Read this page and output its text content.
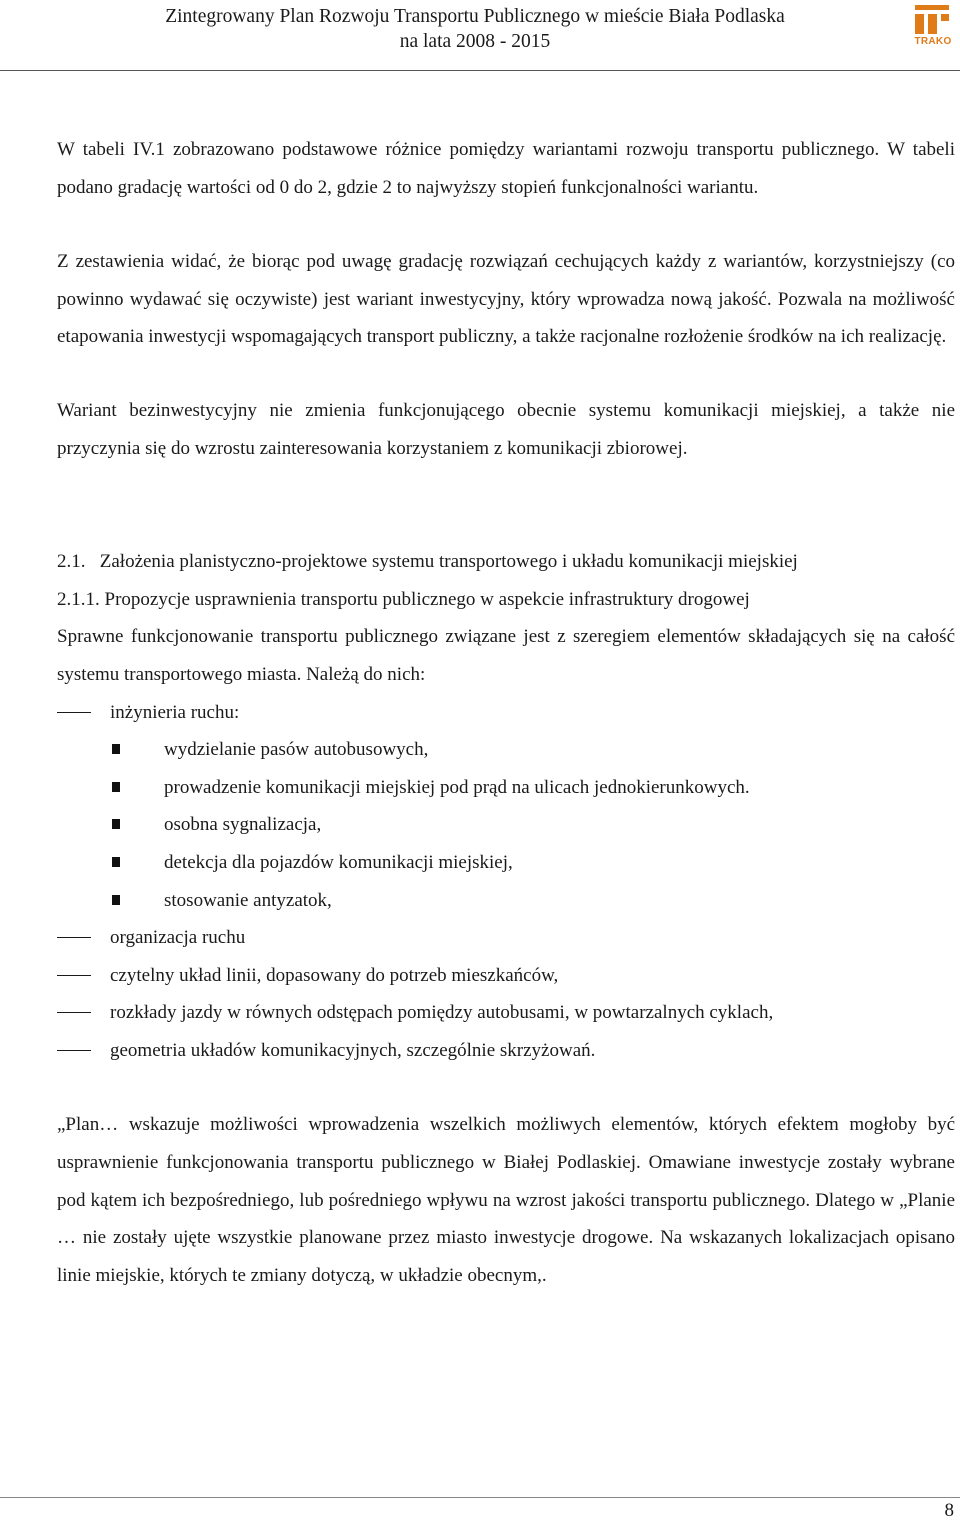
Zintegrowany Plan Rozwoju Transportu Publicznego w mieście Biała Podlaska
na lata 2008 - 2015	TRAKO

W tabeli IV.1 zobrazowano podstawowe różnice pomiędzy wariantami rozwoju transportu publicznego. W tabeli podano gradację wartości od 0 do 2, gdzie 2 to najwyższy stopień funkcjonalności wariantu.

Z zestawienia widać, że biorąc pod uwagę gradację rozwiązań cechujących każdy z wariantów, korzystniejszy (co powinno wydawać się oczywiste) jest wariant inwestycyjny, który wprowadza nową jakość. Pozwala na możliwość etapowania inwestycji wspomagających transport publiczny, a także racjonalne rozłożenie środków na ich realizację.

Wariant bezinwestycyjny nie zmienia funkcjonującego obecnie systemu komunikacji miejskiej, a także nie przyczynia się do wzrostu zainteresowania korzystaniem z komunikacji zbiorowej.

2.1.   Założenia planistyczno-projektowe systemu transportowego i układu komunikacji miejskiej

2.1.1. Propozycje usprawnienia transportu publicznego w aspekcie infrastruktury drogowej

Sprawne funkcjonowanie transportu publicznego związane jest z szeregiem elementów składających się na całość systemu transportowego miasta. Należą do nich:

inżynieria ruchu:
wydzielanie pasów autobusowych,
prowadzenie komunikacji miejskiej pod prąd na ulicach jednokierunkowych.
osobna sygnalizacja,
detekcja dla pojazdów komunikacji miejskiej,
stosowanie antyzatok,
organizacja ruchu
czytelny układ linii, dopasowany do potrzeb mieszkańców,
rozkłady jazdy w równych odstępach pomiędzy autobusami, w powtarzalnych cyklach,
geometria układów komunikacyjnych, szczególnie skrzyżowań.

„Plan… wskazuje możliwości wprowadzenia wszelkich możliwych elementów, których efektem mogłoby być usprawnienie funkcjonowania transportu publicznego w Białej Podlaskiej. Omawiane inwestycje zostały wybrane pod kątem ich bezpośredniego, lub pośredniego wpływu na wzrost jakości transportu publicznego. Dlatego w „Planie … nie zostały ujęte wszystkie planowane przez miasto inwestycje drogowe. Na wskazanych lokalizacjach opisano linie miejskie, których te zmiany dotyczą, w układzie obecnym,.

8
